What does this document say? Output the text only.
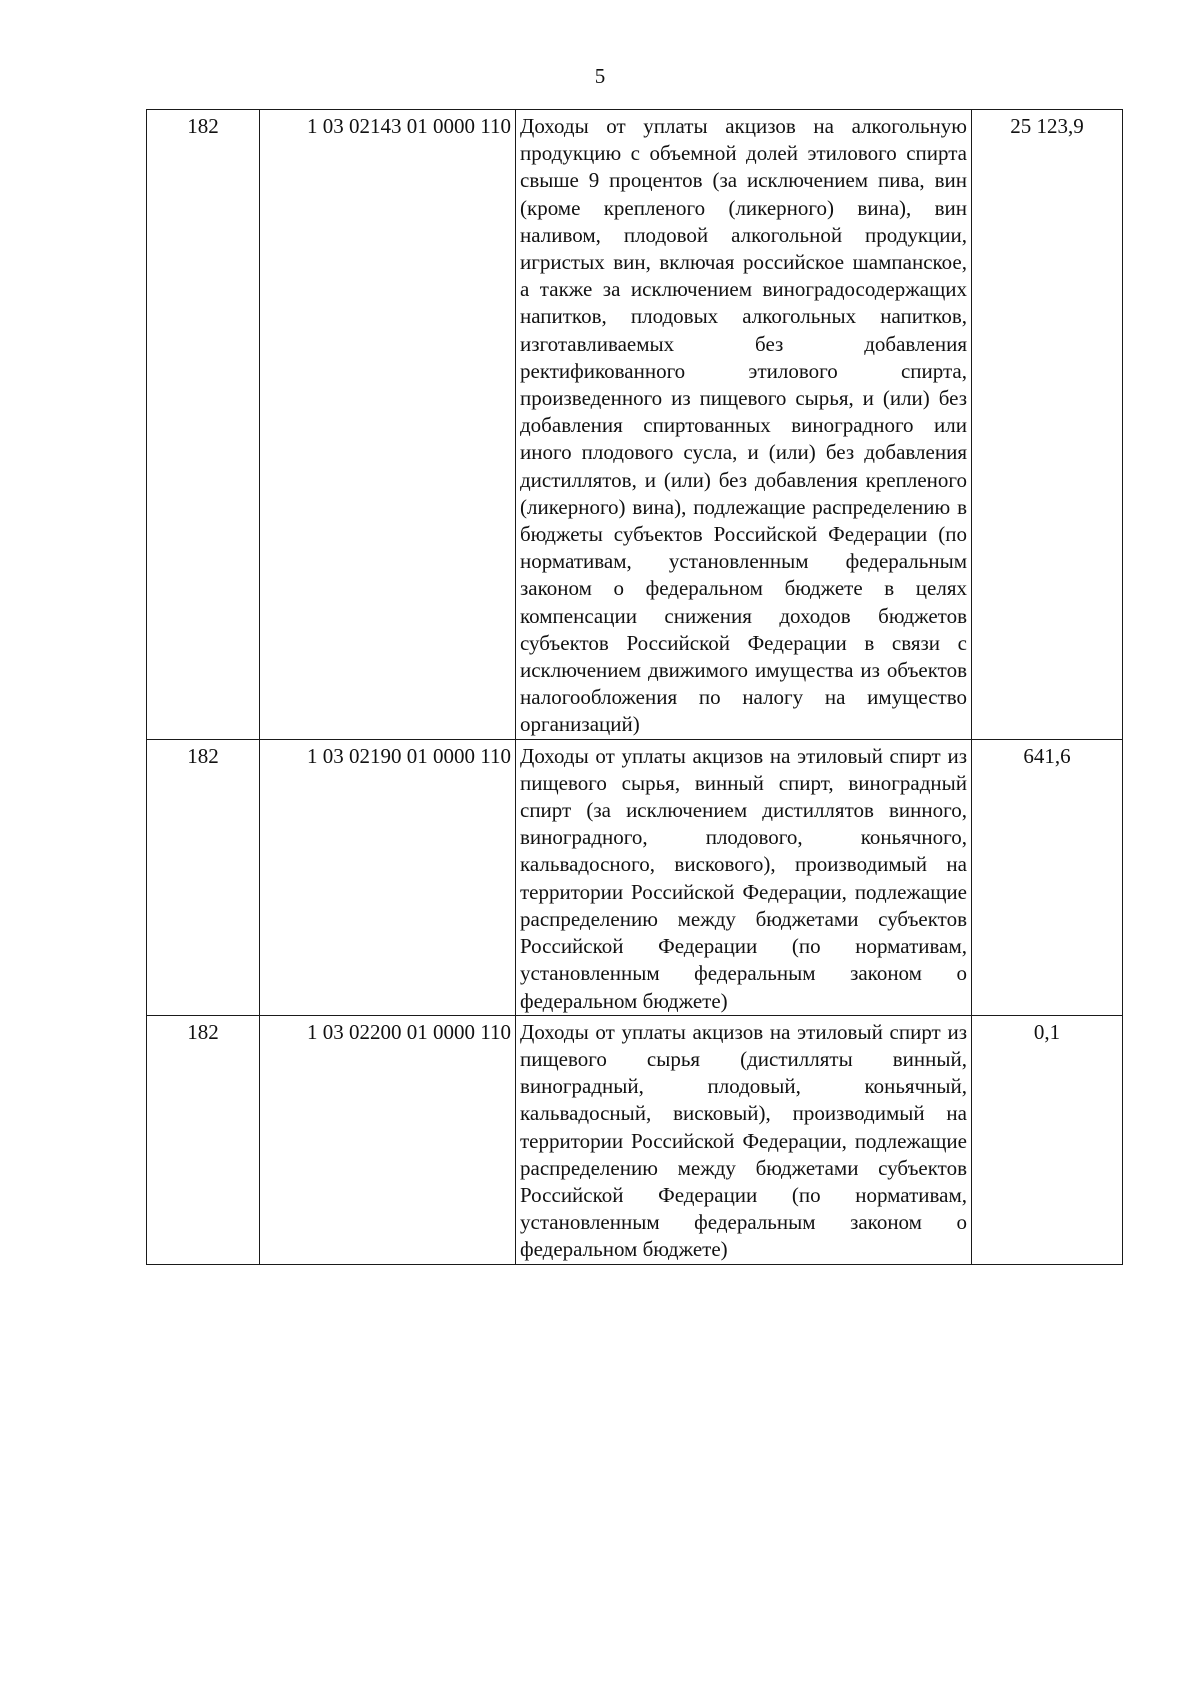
5
182	1 03 02143 01 0000 110	Доходы от уплаты акцизов на алкогольную продукцию с объемной долей этилового спирта свыше 9 процентов (за исключением пива, вин (кроме крепленого (ликерного) вина), вин наливом, плодовой алкогольной продукции, игристых вин, включая российское шампанское, а также за исключением виноградосодержащих напитков, плодовых алкогольных напитков, изготавливаемых без добавления ректификованного этилового спирта, произведенного из пищевого сырья, и (или) без добавления спиртованных виноградного или иного плодового сусла, и (или) без добавления дистиллятов, и (или) без добавления крепленого (ликерного) вина), подлежащие распределению в бюджеты субъектов Российской Федерации (по нормативам, установленным федеральным законом о федеральном бюджете в целях компенсации снижения доходов бюджетов субъектов Российской Федерации в связи с исключением движимого имущества из объектов налогообложения по налогу на имущество организаций)	25 123,9
182	1 03 02190 01 0000 110	Доходы от уплаты акцизов на этиловый спирт из пищевого сырья, винный спирт, виноградный спирт (за исключением дистиллятов винного, виноградного, плодового, коньячного, кальвадосного, вискового), производимый на территории Российской Федерации, подлежащие распределению между бюджетами субъектов Российской Федерации (по нормативам, установленным федеральным законом о федеральном бюджете)	641,6
182	1 03 02200 01 0000 110	Доходы от уплаты акцизов на этиловый спирт из пищевого сырья (дистилляты винный, виноградный, плодовый, коньячный, кальвадосный, висковый), производимый на территории Российской Федерации, подлежащие распределению между бюджетами субъектов Российской Федерации (по нормативам, установленным федеральным законом о федеральном бюджете)	0,1
